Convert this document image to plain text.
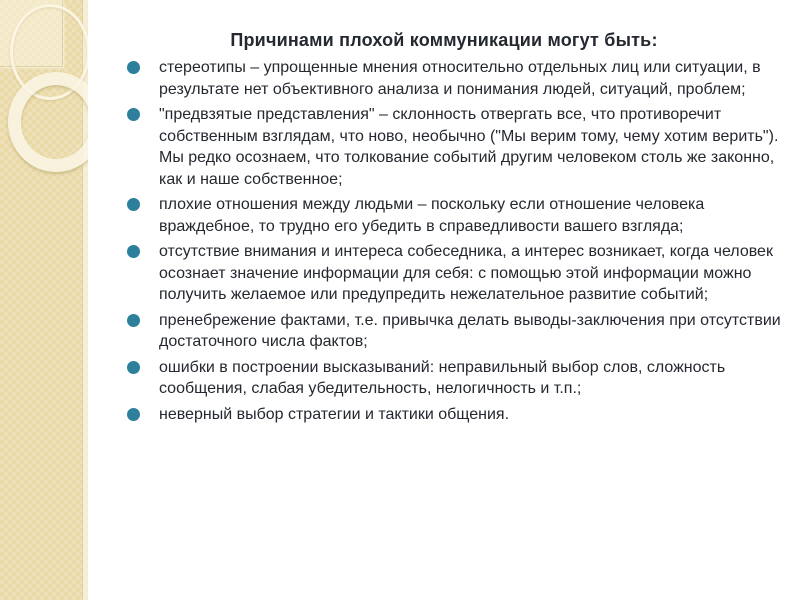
Причинами плохой коммуникации могут быть:
стереотипы – упрощенные мнения относительно отдельных лиц или ситуации, в результате нет объективного анализа и понимания людей, ситуаций, проблем;
"предвзятые представления" – склонность отвергать все, что противоречит собственным взглядам, что ново, необычно ("Мы верим тому, чему хотим верить"). Мы редко осознаем, что толкование событий другим человеком столь же законно, как и наше собственное;
плохие отношения между людьми – поскольку если отношение человека враждебное, то трудно его убедить в справедливости вашего взгляда;
отсутствие внимания и интереса собеседника, а интерес возникает, когда человек осознает значение информации для себя: с помощью этой информации можно получить желаемое или предупредить нежелательное развитие событий;
пренебрежение фактами, т.е. привычка делать выводы-заключения при отсутствии достаточного числа фактов;
ошибки в построении высказываний: неправильный выбор слов, сложность сообщения, слабая убедительность, нелогичность и т.п.;
неверный выбор стратегии и тактики общения.
